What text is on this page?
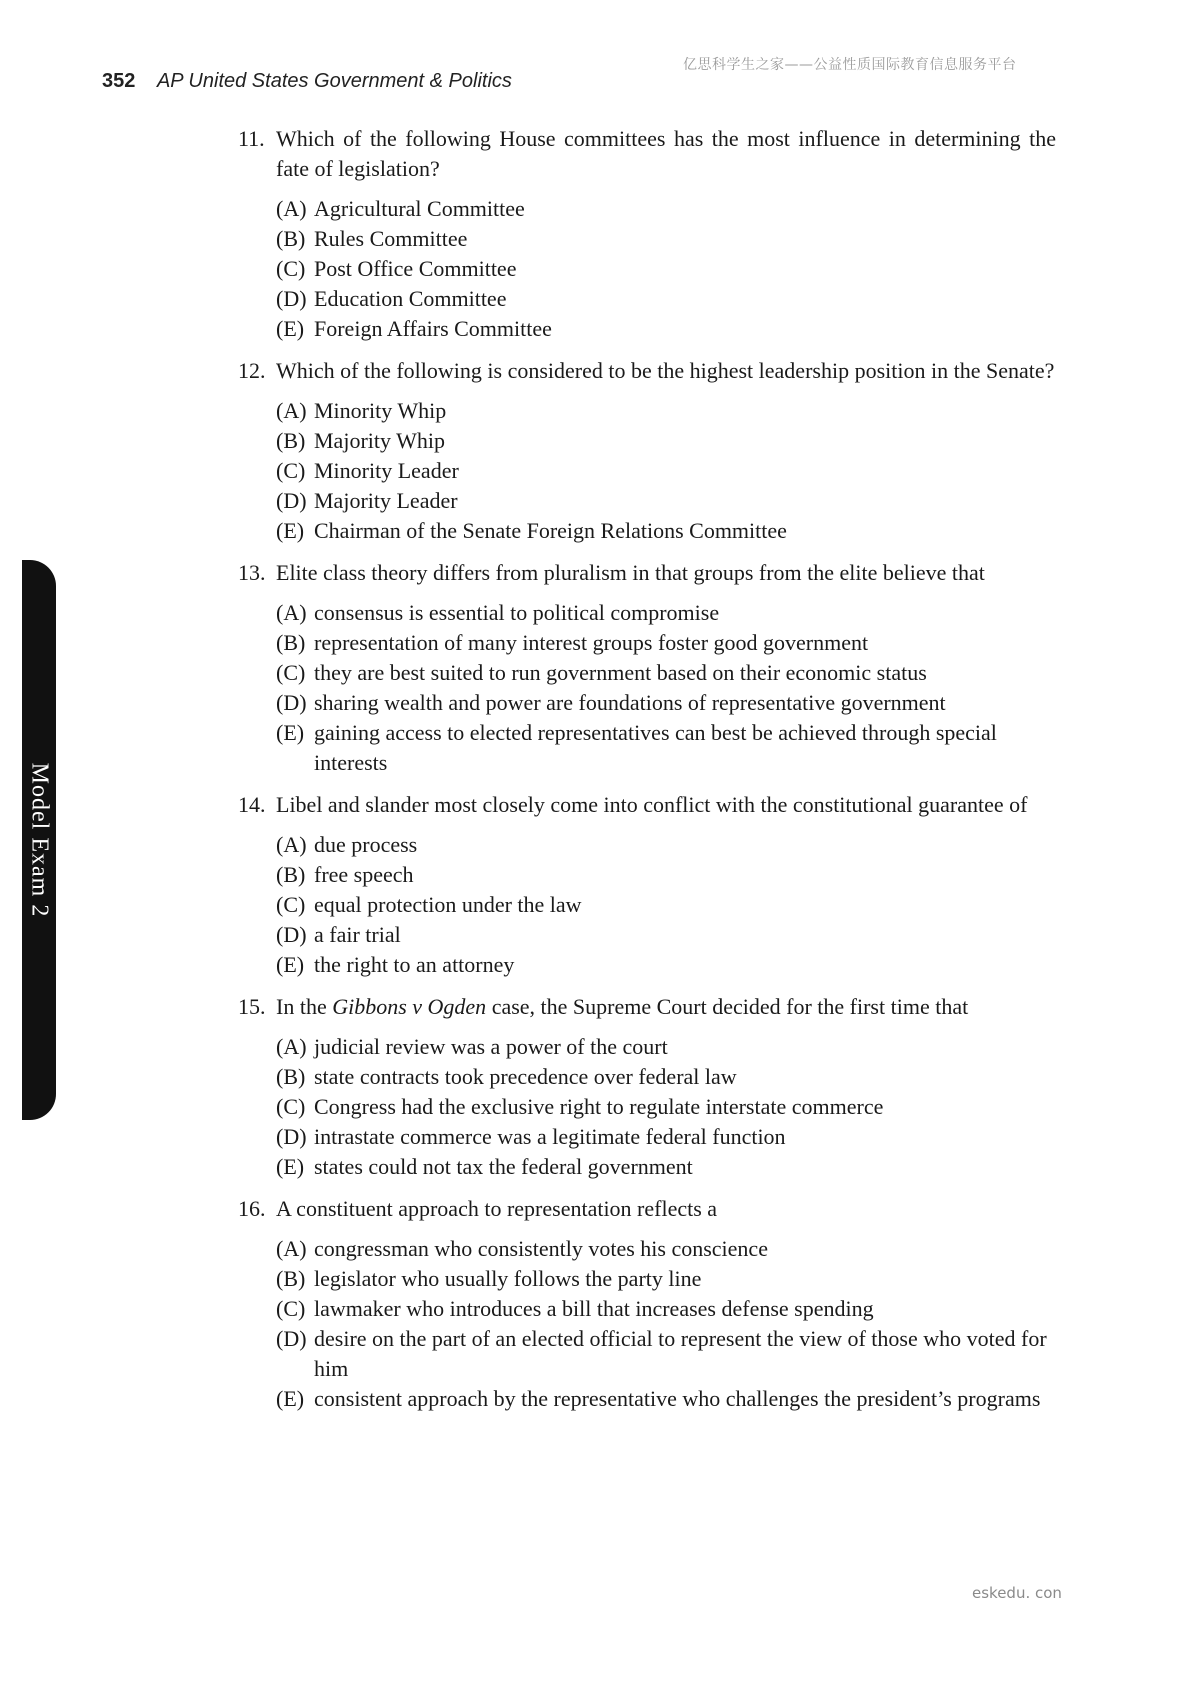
亿思科学生之家——公益性质国际教育信息服务平台
352 AP United States Government & Politics
Model Exam 2
11. Which of the following House committees has the most influence in determining the fate of legislation?
(A) Agricultural Committee
(B) Rules Committee
(C) Post Office Committee
(D) Education Committee
(E) Foreign Affairs Committee
12. Which of the following is considered to be the highest leadership position in the Senate?
(A) Minority Whip
(B) Majority Whip
(C) Minority Leader
(D) Majority Leader
(E) Chairman of the Senate Foreign Relations Committee
13. Elite class theory differs from pluralism in that groups from the elite believe that
(A) consensus is essential to political compromise
(B) representation of many interest groups foster good government
(C) they are best suited to run government based on their economic status
(D) sharing wealth and power are foundations of representative government
(E) gaining access to elected representatives can best be achieved through special interests
14. Libel and slander most closely come into conflict with the constitutional guarantee of
(A) due process
(B) free speech
(C) equal protection under the law
(D) a fair trial
(E) the right to an attorney
15. In the Gibbons v Ogden case, the Supreme Court decided for the first time that
(A) judicial review was a power of the court
(B) state contracts took precedence over federal law
(C) Congress had the exclusive right to regulate interstate commerce
(D) intrastate commerce was a legitimate federal function
(E) states could not tax the federal government
16. A constituent approach to representation reflects a
(A) congressman who consistently votes his conscience
(B) legislator who usually follows the party line
(C) lawmaker who introduces a bill that increases defense spending
(D) desire on the part of an elected official to represent the view of those who voted for him
(E) consistent approach by the representative who challenges the president’s programs
eskedu. con
